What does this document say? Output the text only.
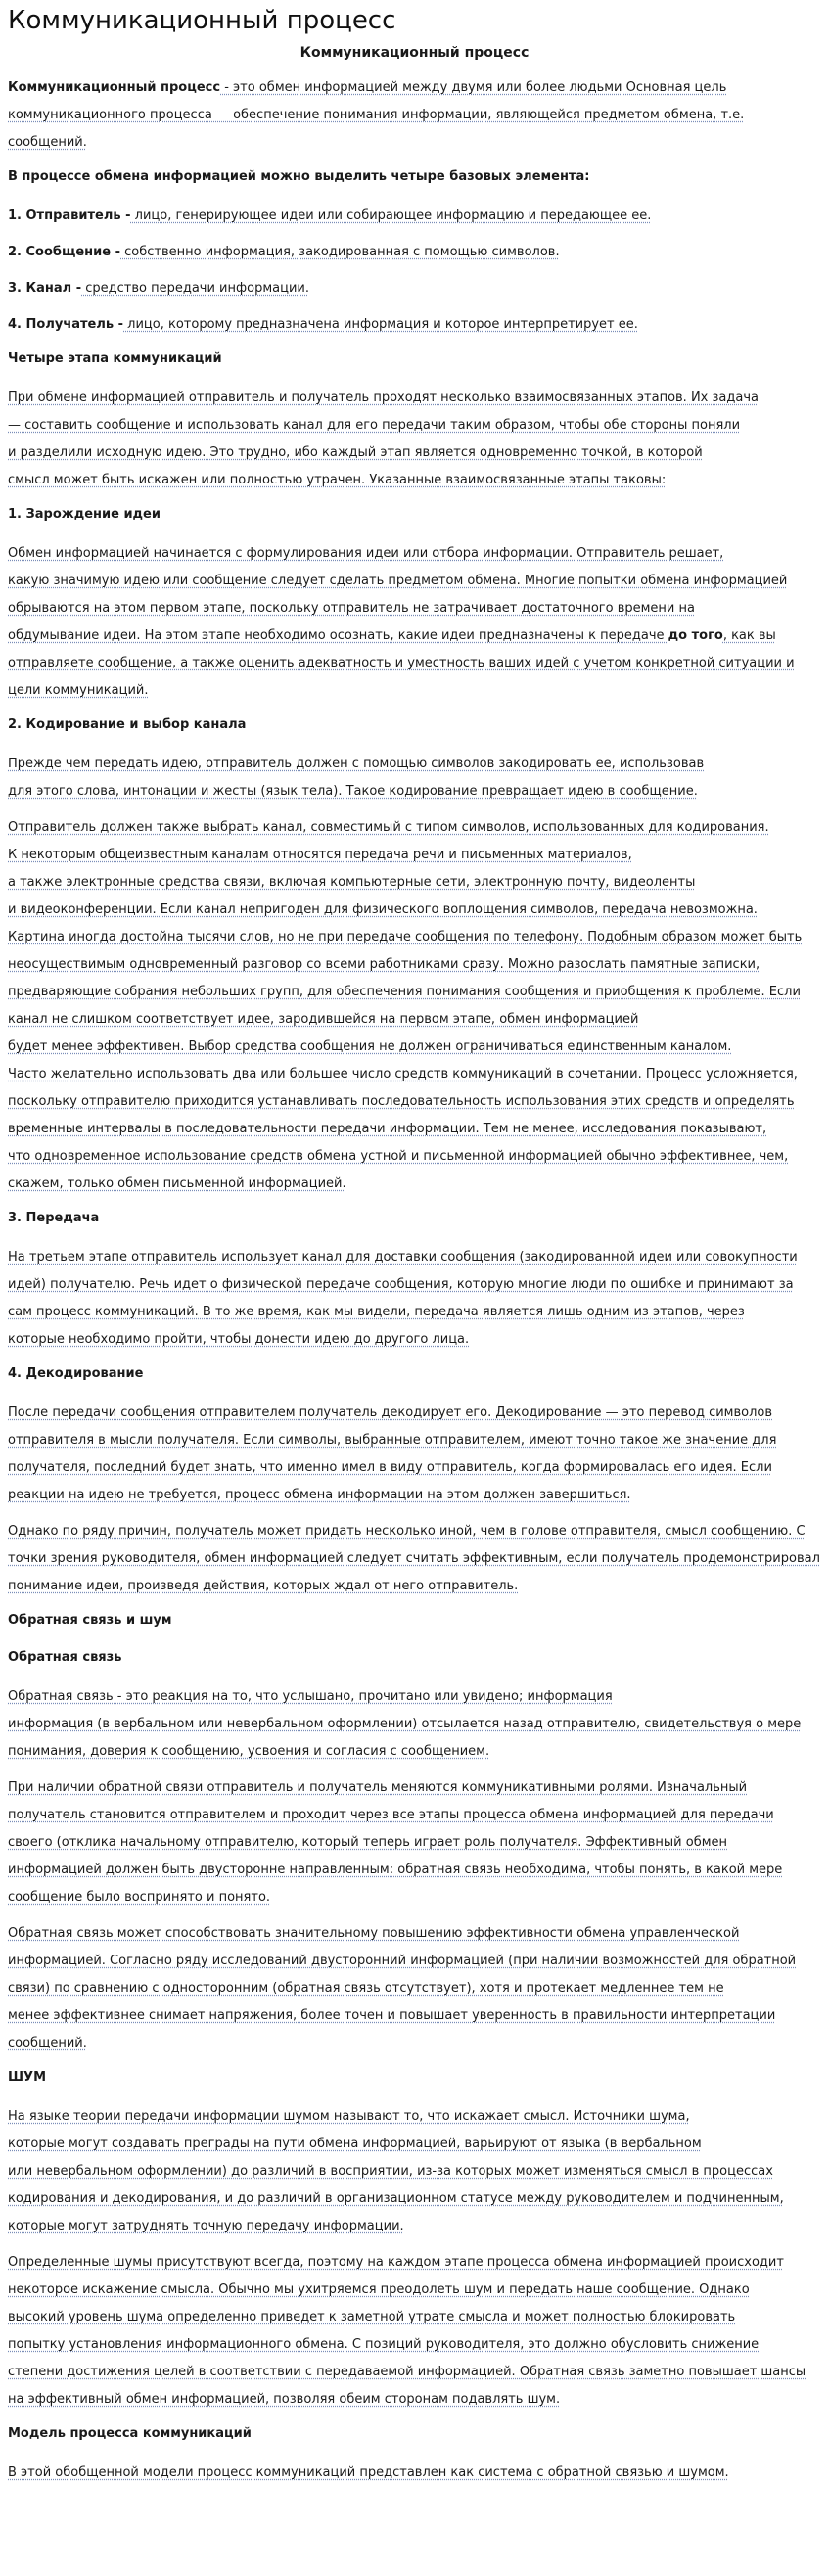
Коммуникационный процесс
Коммуникационный процесс
Коммуникационный процесс - это обмен информацией между двумя или более людьми Основная цель
коммуникационного процесса — обеспечение понимания информации, являющейся предметом обмена, т.е.
сообщений.
В процессе обмена информацией можно выделить четыре базовых элемента:
1. Отправитель - лицо, генерирующее идеи или собирающее информацию и передающее ее.
2. Сообщение - собственно информация, закодированная с помощью символов.
3. Канал - средство передачи информации.
4. Получатель - лицо, которому предназначена информация и которое интерпретирует ее.
Четыре этапа коммуникаций
При обмене информацией отправитель и получатель проходят несколько взаимосвязанных этапов. Их задача
— составить сообщение и использовать канал для его передачи таким образом, чтобы обе стороны поняли
и разделили исходную идею. Это трудно, ибо каждый этап является одновременно точкой, в которой
смысл может быть искажен или полностью утрачен. Указанные взаимосвязанные этапы таковы:
1. Зарождение идеи
Обмен информацией начинается с формулирования идеи или отбора информации. Отправитель решает,
какую значимую идею или сообщение следует сделать предметом обмена. Многие попытки обмена информацией
обрываются на этом первом этапе, поскольку отправитель не затрачивает достаточного времени на
обдумывание идеи. На этом этапе необходимо осознать, какие идеи предназначены к передаче до того, как вы
отправляете сообщение, а также оценить адекватность и уместность ваших идей с учетом конкретной ситуации и
цели коммуникаций.
2. Кодирование и выбор канала
Прежде чем передать идею, отправитель должен с помощью символов закодировать ее, использовав
для этого слова, интонации и жесты (язык тела). Такое кодирование превращает идею в сообщение.
Отправитель должен также выбрать канал, совместимый с типом символов, использованных для кодирования.
К некоторым общеизвестным каналам относятся передача речи и письменных материалов,
а также электронные средства связи, включая компьютерные сети, электронную почту, видеоленты
и видеоконференции. Если канал непригоден для физического воплощения символов, передача невозможна.
Картина иногда достойна тысячи слов, но не при передаче сообщения по телефону. Подобным образом может быть
неосуществимым одновременный разговор со всеми работниками сразу. Можно разослать памятные записки,
предваряющие собрания небольших групп, для обеспечения понимания сообщения и приобщения к проблеме. Если
канал не слишком соответствует идее, зародившейся на первом этапе, обмен информацией
будет менее эффективен. Выбор средства сообщения не должен ограничиваться единственным каналом.
Часто желательно использовать два или большее число средств коммуникаций в сочетании. Процесс усложняется,
поскольку отправителю приходится устанавливать последовательность использования этих средств и определять
временные интервалы в последовательности передачи информации. Тем не менее, исследования показывают,
что одновременное использование средств обмена устной и письменной информацией обычно эффективнее, чем,
скажем, только обмен письменной информацией.
3. Передача
На третьем этапе отправитель использует канал для доставки сообщения (закодированной идеи или совокупности
идей) получателю. Речь идет о физической передаче сообщения, которую многие люди по ошибке и принимают за
сам процесс коммуникаций. В то же время, как мы видели, передача является лишь одним из этапов, через
которые необходимо пройти, чтобы донести идею до другого лица.
4. Декодирование
После передачи сообщения отправителем получатель декодирует его. Декодирование — это перевод символов
отправителя в мысли получателя. Если символы, выбранные отправителем, имеют точно такое же значение для
получателя, последний будет знать, что именно имел в виду отправитель, когда формировалась его идея. Если
реакции на идею не требуется, процесс обмена информации на этом должен завершиться.
Однако по ряду причин, получатель может придать несколько иной, чем в голове отправителя, смысл сообщению. С
точки зрения руководителя, обмен информацией следует считать эффективным, если получатель продемонстрировал
понимание идеи, произведя действия, которых ждал от него отправитель.
Обратная связь и шум
Обратная связь
Обратная связь - это реакция на то, что услышано, прочитано или увидено; информация
информация (в вербальном или невербальном оформлении) отсылается назад отправителю, свидетельствуя о мере
понимания, доверия к сообщению, усвоения и согласия с сообщением.
При наличии обратной связи отправитель и получатель меняются коммуникативными ролями. Изначальный
получатель становится отправителем и проходит через все этапы процесса обмена информацией для передачи
своего (отклика начальному отправителю, который теперь играет роль получателя. Эффективный обмен
информацией должен быть двусторонне направленным: обратная связь необходима, чтобы понять, в какой мере
сообщение было воспринято и понято.
Обратная связь может способствовать значительному повышению эффективности обмена управленческой
информацией. Согласно ряду исследований двусторонний информацией (при наличии возможностей для обратной
связи) по сравнению с односторонним (обратная связь отсутствует), хотя и протекает медленнее тем не
менее эффективнее снимает напряжения, более точен и повышает уверенность в правильности интерпретации
сообщений.
ШУМ
На языке теории передачи информации шумом называют то, что искажает смысл. Источники шума,
которые могут создавать преграды на пути обмена информацией, варьируют от языка (в вербальном
или невербальном оформлении) до различий в восприятии, из-за которых может изменяться смысл в процессах
кодирования и декодирования, и до различий в организационном статусе между руководителем и подчиненным,
которые могут затруднять точную передачу информации.
Определенные шумы присутствуют всегда, поэтому на каждом этапе процесса обмена информацией происходит
некоторое искажение смысла. Обычно мы ухитряемся преодолеть шум и передать наше сообщение. Однако
высокий уровень шума определенно приведет к заметной утрате смысла и может полностью блокировать
попытку установления информационного обмена. С позиций руководителя, это должно обусловить снижение
степени достижения целей в соответствии с передаваемой информацией. Обратная связь заметно повышает шансы
на эффективный обмен информацией, позволяя обеим сторонам подавлять шум.
Модель процесса коммуникаций
В этой обобщенной модели процесс коммуникаций представлен как система с обратной связью и шумом.
